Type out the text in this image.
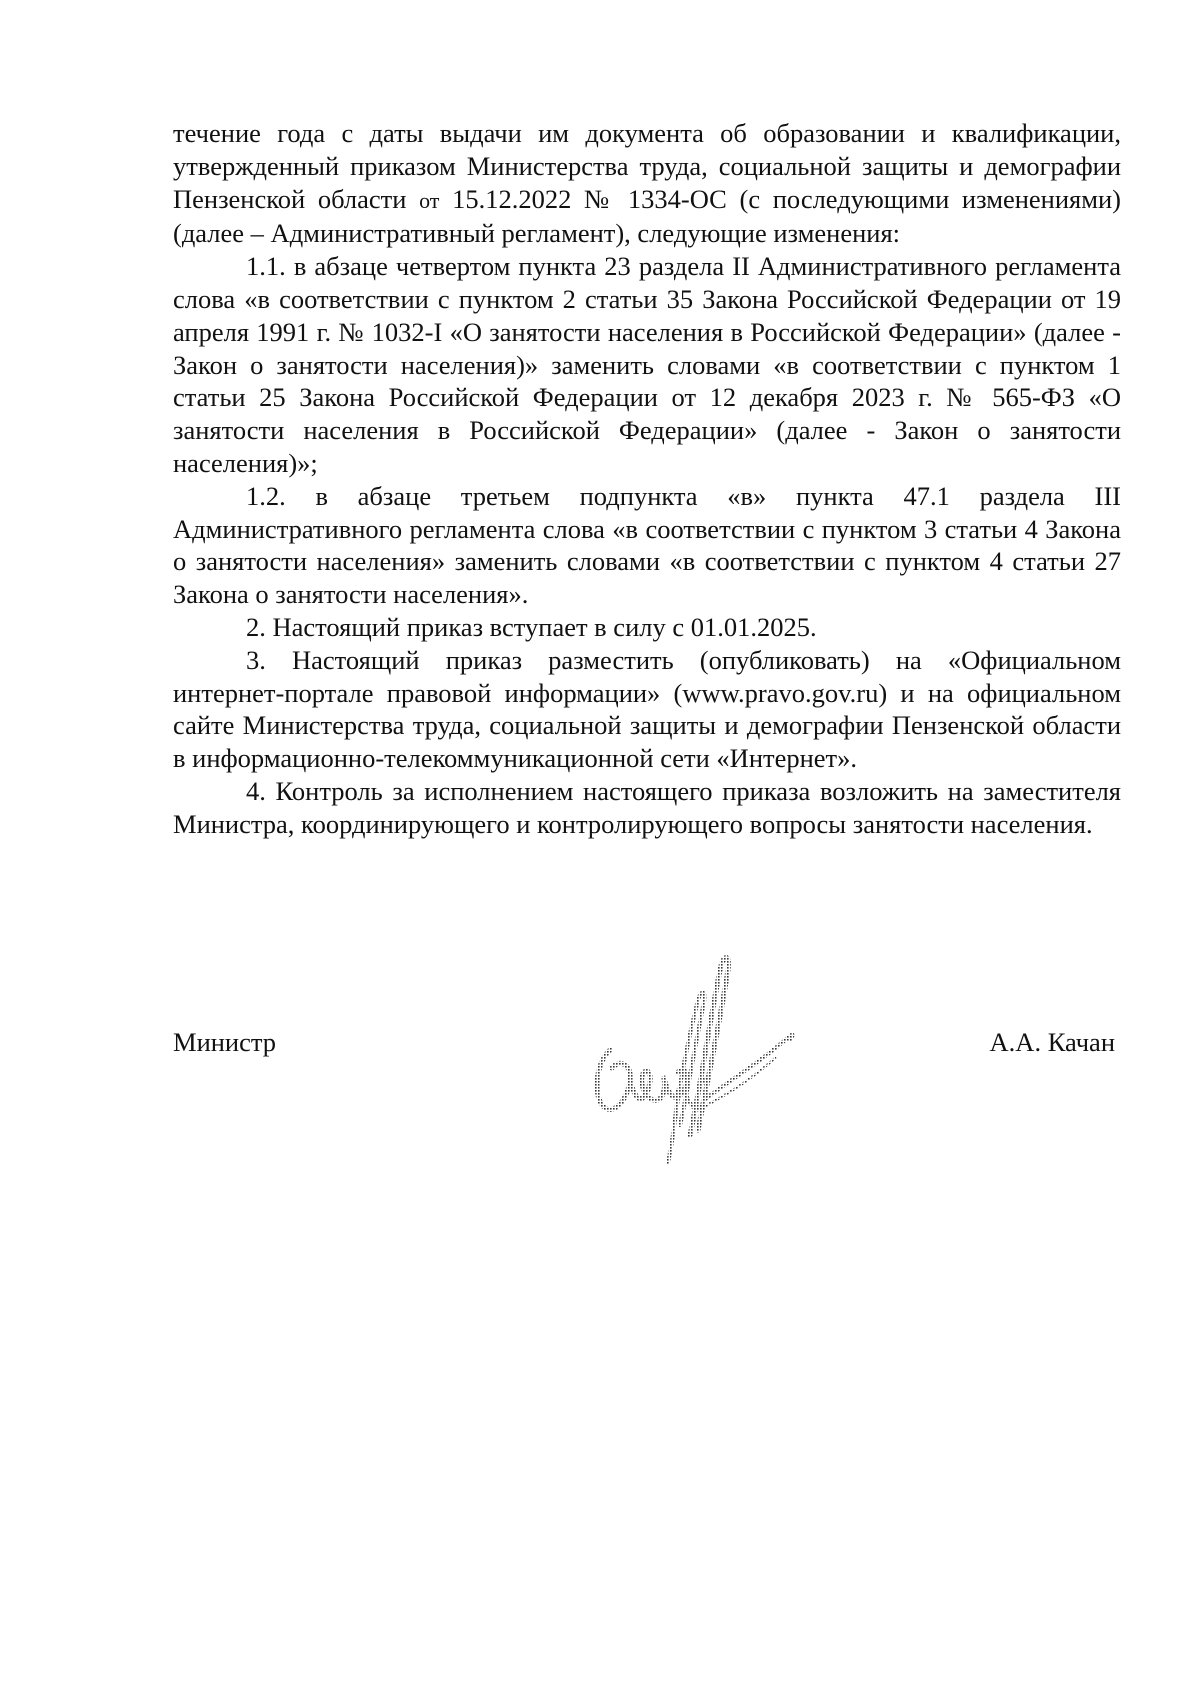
течение года с даты выдачи им документа об образовании и квалификации, утвержденный приказом Министерства труда, социальной защиты и демографии Пензенской области от 15.12.2022 № 1334-ОС (с последующими изменениями) (далее – Административный регламент), следующие изменения:

1.1. в абзаце четвертом пункта 23 раздела II Административного регламента слова «в соответствии с пунктом 2 статьи 35 Закона Российской Федерации от 19 апреля 1991 г. № 1032-I «О занятости населения в Российской Федерации» (далее - Закон о занятости населения)» заменить словами «в соответствии с пунктом 1 статьи 25 Закона Российской Федерации от 12 декабря 2023 г. № 565-ФЗ «О занятости населения в Российской Федерации» (далее - Закон о занятости населения)»;

1.2. в абзаце третьем подпункта «в» пункта 47.1 раздела III Административного регламента слова «в соответствии с пунктом 3 статьи 4 Закона о занятости населения» заменить словами «в соответствии с пунктом 4 статьи 27 Закона о занятости населения».

2. Настоящий приказ вступает в силу с 01.01.2025.

3. Настоящий приказ разместить (опубликовать) на «Официальном интернет-портале правовой информации» (www.pravo.gov.ru) и на официальном сайте Министерства труда, социальной защиты и демографии Пензенской области в информационно-телекоммуникационной сети «Интернет».

4. Контроль за исполнением настоящего приказа возложить на заместителя Министра, координирующего и контролирующего вопросы занятости населения.

Министр	А.А. Качан
